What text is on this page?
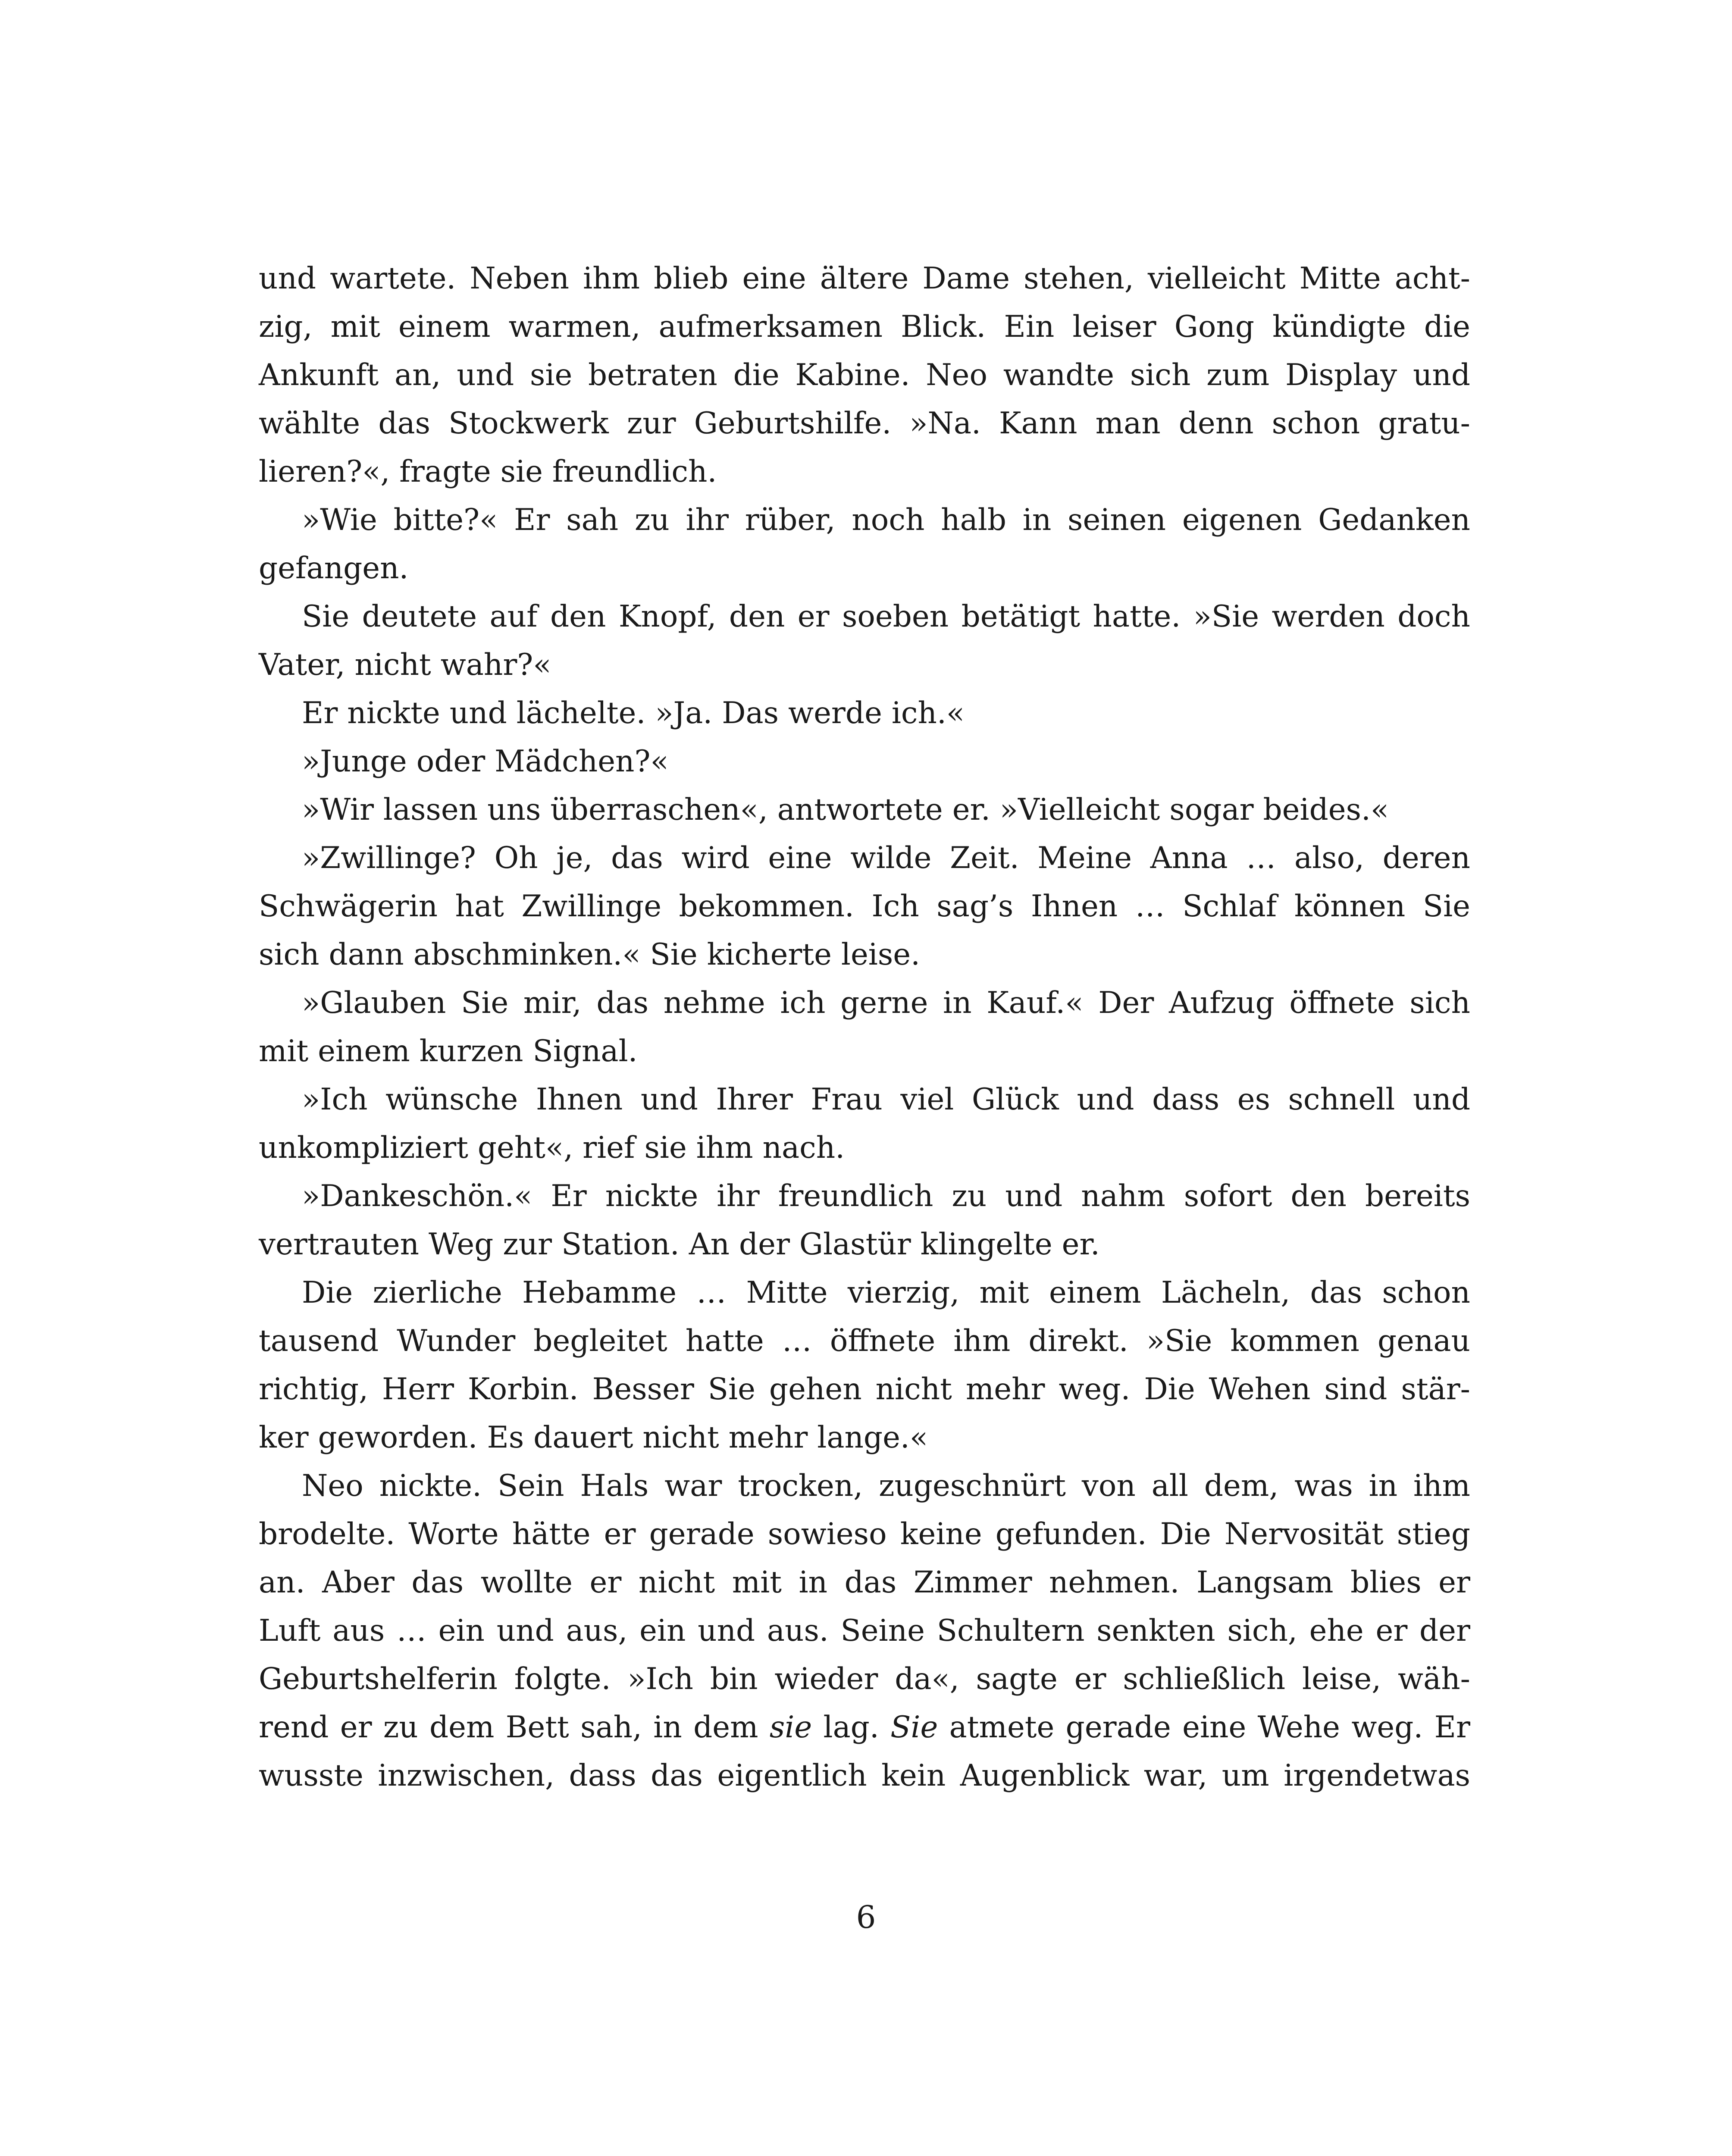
und wartete. Neben ihm blieb eine ältere Dame stehen, vielleicht Mitte acht-
zig, mit einem warmen, aufmerksamen Blick. Ein leiser Gong kündigte die
Ankunft an, und sie betraten die Kabine. Neo wandte sich zum Display und
wählte das Stockwerk zur Geburtshilfe. »Na. Kann man denn schon gratu-
lieren?«, fragte sie freundlich.
»Wie bitte?« Er sah zu ihr rüber, noch halb in seinen eigenen Gedanken
gefangen.
Sie deutete auf den Knopf, den er soeben betätigt hatte. »Sie werden doch
Vater, nicht wahr?«
Er nickte und lächelte. »Ja. Das werde ich.«
»Junge oder Mädchen?«
»Wir lassen uns überraschen«, antwortete er. »Vielleicht sogar beides.«
»Zwillinge? Oh je, das wird eine wilde Zeit. Meine Anna … also, deren
Schwägerin hat Zwillinge bekommen. Ich sag’s Ihnen … Schlaf können Sie
sich dann abschminken.« Sie kicherte leise.
»Glauben Sie mir, das nehme ich gerne in Kauf.« Der Aufzug öffnete sich
mit einem kurzen Signal.
»Ich wünsche Ihnen und Ihrer Frau viel Glück und dass es schnell und
unkompliziert geht«, rief sie ihm nach.
»Dankeschön.« Er nickte ihr freundlich zu und nahm sofort den bereits
vertrauten Weg zur Station. An der Glastür klingelte er.
Die zierliche Hebamme … Mitte vierzig, mit einem Lächeln, das schon
tausend Wunder begleitet hatte … öffnete ihm direkt. »Sie kommen genau
richtig, Herr Korbin. Besser Sie gehen nicht mehr weg. Die Wehen sind stär-
ker geworden. Es dauert nicht mehr lange.«
Neo nickte. Sein Hals war trocken, zugeschnürt von all dem, was in ihm
brodelte. Worte hätte er gerade sowieso keine gefunden. Die Nervosität stieg
an. Aber das wollte er nicht mit in das Zimmer nehmen. Langsam blies er
Luft aus … ein und aus, ein und aus. Seine Schultern senkten sich, ehe er der
Geburtshelferin folgte. »Ich bin wieder da«, sagte er schließlich leise, wäh-
rend er zu dem Bett sah, in dem sie lag. Sie atmete gerade eine Wehe weg. Er
wusste inzwischen, dass das eigentlich kein Augenblick war, um irgendetwas
6
